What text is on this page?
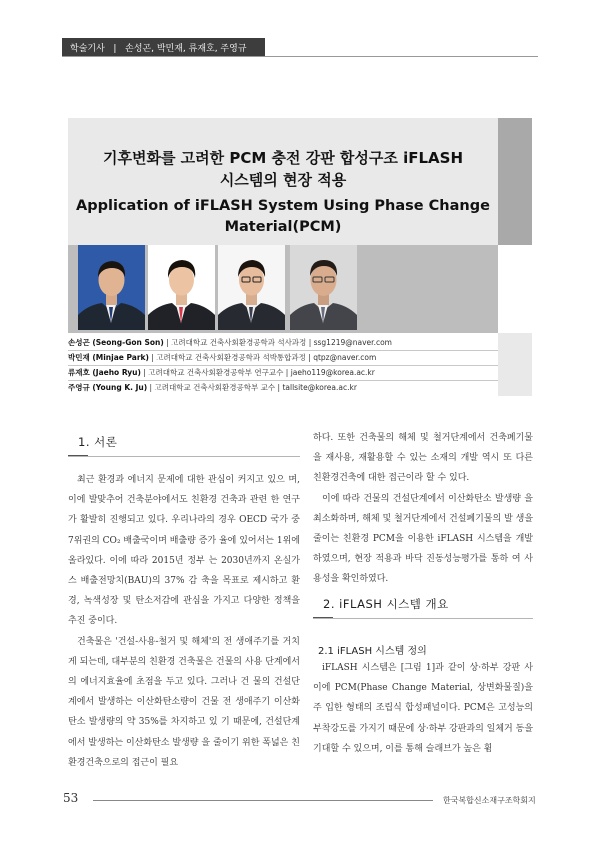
학술기사   |   손성곤, 박민재, 류재호, 주영규
기후변화를 고려한 PCM 충전 강판 합성구조 iFLASH
시스템의 현장 적용
Application of iFLASH System Using Phase Change
Material(PCM)
손성곤 (Seong-Gon Son) | 고려대학교 건축사회환경공학과 석사과정 | ssg1219@naver.com
박민재 (Minjae Park) | 고려대학교 건축사회환경공학과 석박통합과정 | qtpz@naver.com
류재호 (Jaeho Ryu) | 고려대학교 건축사회환경공학부 연구교수 | jaeho119@korea.ac.kr
주영규 (Young K. Ju) | 고려대학교 건축사회환경공학부 교수 | tallsite@korea.ac.kr
1. 서론

최근 환경과 에너지 문제에 대한 관심이 커지고 있으 며, 이에 발맞추어 건축분야에서도 친환경 건축과 관련 한 연구가 활발히 진행되고 있다. 우리나라의 경우 OECD 국가 중 7위권의 CO₂ 배출국이며 배출량 증가 율에 있어서는 1위에 올라있다. 이에 따라 2015년 정부 는 2030년까지 온실가스 배출전망치(BAU)의 37% 감 축을 목표로 제시하고 환경, 녹색성장 및 탄소저감에 관심을 가지고 다양한 정책을 추진 중이다.

건축물은 '건설-사용-철거 및 해체'의 전 생애주기를 거치게 되는데, 대부분의 친환경 건축물은 건물의 사용 단계에서의 에너지효율에 초점을 두고 있다. 그러나 건 물의 건설단계에서 발생하는 이산화탄소량이 건물 전 생애주기 이산화탄소 발생량의 약 35%를 차지하고 있 기 때문에, 건설단계에서 발생하는 이산화탄소 발생량 을 줄이기 위한 폭넓은 친환경건축으로의 접근이 필요

하다. 또한 건축물의 해체 및 철거단계에서 건축폐기물 을 재사용, 재활용할 수 있는 소재의 개발 역시 또 다른 친환경건축에 대한 접근이라 할 수 있다.

이에 따라 건물의 건설단계에서 이산화탄소 발생량 을 최소화하며, 해체 및 철거단계에서 건설폐기물의 발 생을 줄이는 친환경 PCM을 이용한 iFLASH 시스템을 개발하였으며, 현장 적용과 바닥 진동성능평가를 통하 여 사용성을 확인하였다.

2. iFLASH 시스템 개요
2.1 iFLASH 시스템 정의

iFLASH 시스템은 [그림 1]과 같이 상·하부 강판 사 이에 PCM(Phase Change Material, 상변화물질)을 주 입한 형태의 조립식 합성패널이다. PCM은 고성능의 부착강도를 가지기 때문에 상·하부 강판과의 일체거 동을 기대할 수 있으며, 이를 통해 슬래브가 높은 휨

53	한국복합신소재구조학회지
